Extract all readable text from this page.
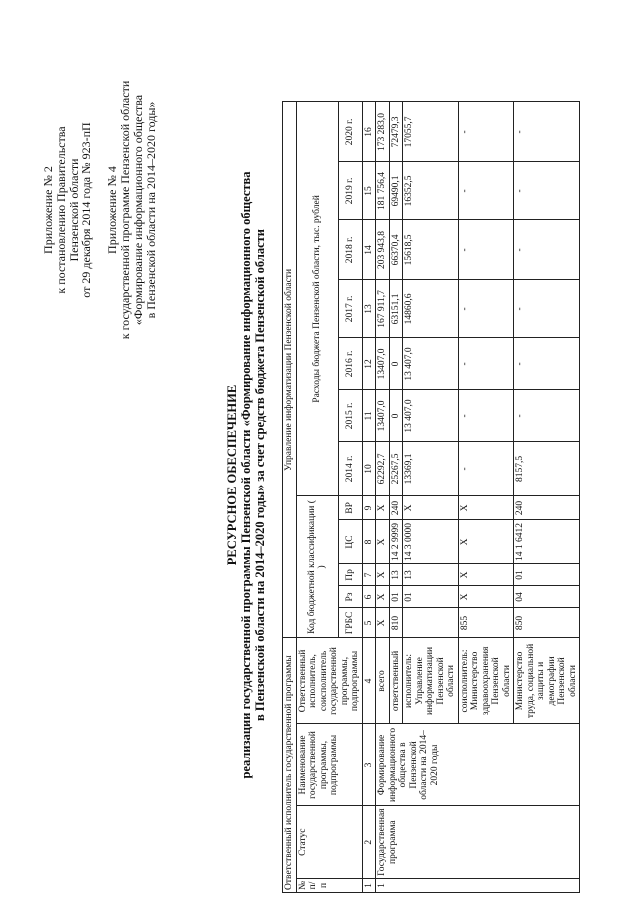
Приложение № 2
к постановлению Правительства
Пензенской области
от 29 декабря 2014 года № 923-пП Приложение № 4
к государственной программе Пензенской области
«Формирование информационного общества
в Пензенской области на 2014–2020 годы»
РЕСУРСНОЕ ОБЕСПЕЧЕНИЕ реализации государственной программы Пензенской области «Формирование информационного общества в Пензенской области на 2014–2020 годы» за счет средств бюджета Пензенской области
Ответственный исполнитель государственной программы				Управление информатизации Пензенской области											
№ п/п	Статус	Наименование государственной программы, подпрограммы	Ответственный исполнитель, соисполнитель государственной программы, подпрограммы	Код бюджетной классификации ( )					Расходы бюджета Пензенской области, тыс. рублей						
				ГРБС	Рз	Пр	ЦС	ВР	2014 г.	2015 г.	2016 г.	2017 г.	2018 г.	2019 г.	2020 г.
1	2	3	4	5	6	7	8	9	10	11	12	13	14	15	16
1	Государственная программа	Формирование информационного общества в Пензенской области на 2014–2020 годы	всего	Х	Х	Х	Х	Х	62292,7	13407,0	13407,0	167 911,7	203 943,8	181 756,4	173 283,0
			ответственный	810	01	13	14 2 9999	240	25267,5	0	0	63151,1	66370,4	69490,1	72479,3
			исполнитель: Управление информатизации Пензенской области		01	13	14 3 0000	Х	13369,1	13 407,0	13 407,0	14860,6	15618,5	16352,5	17055,7
			соисполнитель: Министерство здравоохранения Пензенской области	855	Х	Х	Х	Х	-	-	-	-	-	-	-
			Министерство труда, социальной защиты и демографии Пензенской области	850	04	01	14 1 6412	240	8157,5	-	-	-	-	-	-
